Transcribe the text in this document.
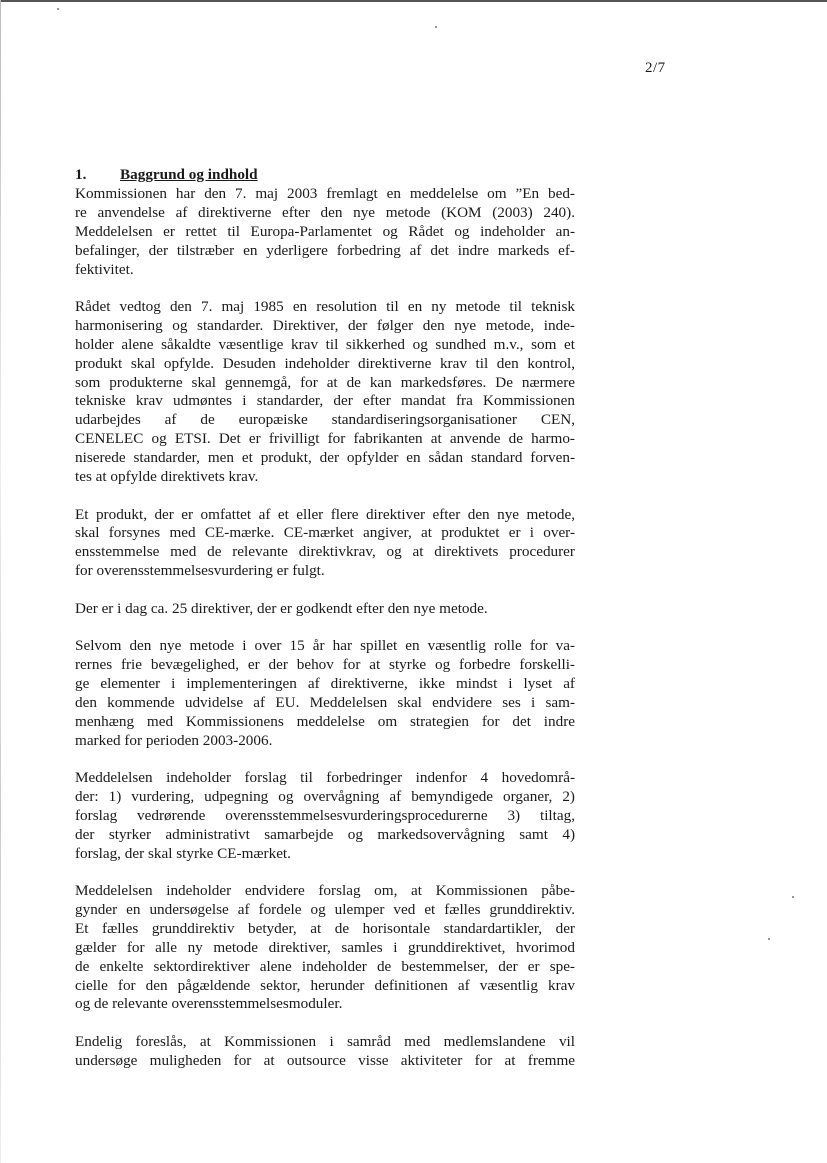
2/7

1. Baggrund og indhold

Kommissionen har den 7. maj 2003 fremlagt en meddelelse om ”En bed-
re anvendelse af direktiverne efter den nye metode (KOM (2003) 240).
Meddelelsen er rettet til Europa-Parlamentet og Rådet og indeholder an-
befalinger, der tilstræber en yderligere forbedring af det indre markeds ef-
fektivitet.

Rådet vedtog den 7. maj 1985 en resolution til en ny metode til teknisk
harmonisering og standarder. Direktiver, der følger den nye metode, inde-
holder alene såkaldte væsentlige krav til sikkerhed og sundhed m.v., som et
produkt skal opfylde. Desuden indeholder direktiverne krav til den kontrol,
som produkterne skal gennemgå, for at de kan markedsføres. De nærmere
tekniske krav udmøntes i standarder, der efter mandat fra Kommissionen
udarbejdes af de europæiske standardiseringsorganisationer CEN,
CENELEC og ETSI. Det er frivilligt for fabrikanten at anvende de harmo-
niserede standarder, men et produkt, der opfylder en sådan standard forven-
tes at opfylde direktivets krav.

Et produkt, der er omfattet af et eller flere direktiver efter den nye metode,
skal forsynes med CE-mærke. CE-mærket angiver, at produktet er i over-
ensstemmelse med de relevante direktivkrav, og at direktivets procedurer
for overensstemmelsesvurdering er fulgt.

Der er i dag ca. 25 direktiver, der er godkendt efter den nye metode.

Selvom den nye metode i over 15 år har spillet en væsentlig rolle for va-
rernes frie bevægelighed, er der behov for at styrke og forbedre forskelli-
ge elementer i implementeringen af direktiverne, ikke mindst i lyset af
den kommende udvidelse af EU. Meddelelsen skal endvidere ses i sam-
menhæng med Kommissionens meddelelse om strategien for det indre
marked for perioden 2003-2006.

Meddelelsen indeholder forslag til forbedringer indenfor 4 hovedområ-
der: 1) vurdering, udpegning og overvågning af bemyndigede organer, 2)
forslag vedrørende overensstemmelsesvurderingsprocedurerne 3) tiltag,
der styrker administrativt samarbejde og markedsovervågning samt 4)
forslag, der skal styrke CE-mærket.

Meddelelsen indeholder endvidere forslag om, at Kommissionen påbe-
gynder en undersøgelse af fordele og ulemper ved et fælles grunddirektiv.
Et fælles grunddirektiv betyder, at de horisontale standardartikler, der
gælder for alle ny metode direktiver, samles i grunddirektivet, hvorimod
de enkelte sektordirektiver alene indeholder de bestemmelser, der er spe-
cielle for den pågældende sektor, herunder definitionen af væsentlig krav
og de relevante overensstemmelsesmoduler.

Endelig foreslås, at Kommissionen i samråd med medlemslandene vil
undersøge muligheden for at outsource visse aktiviteter for at fremme
